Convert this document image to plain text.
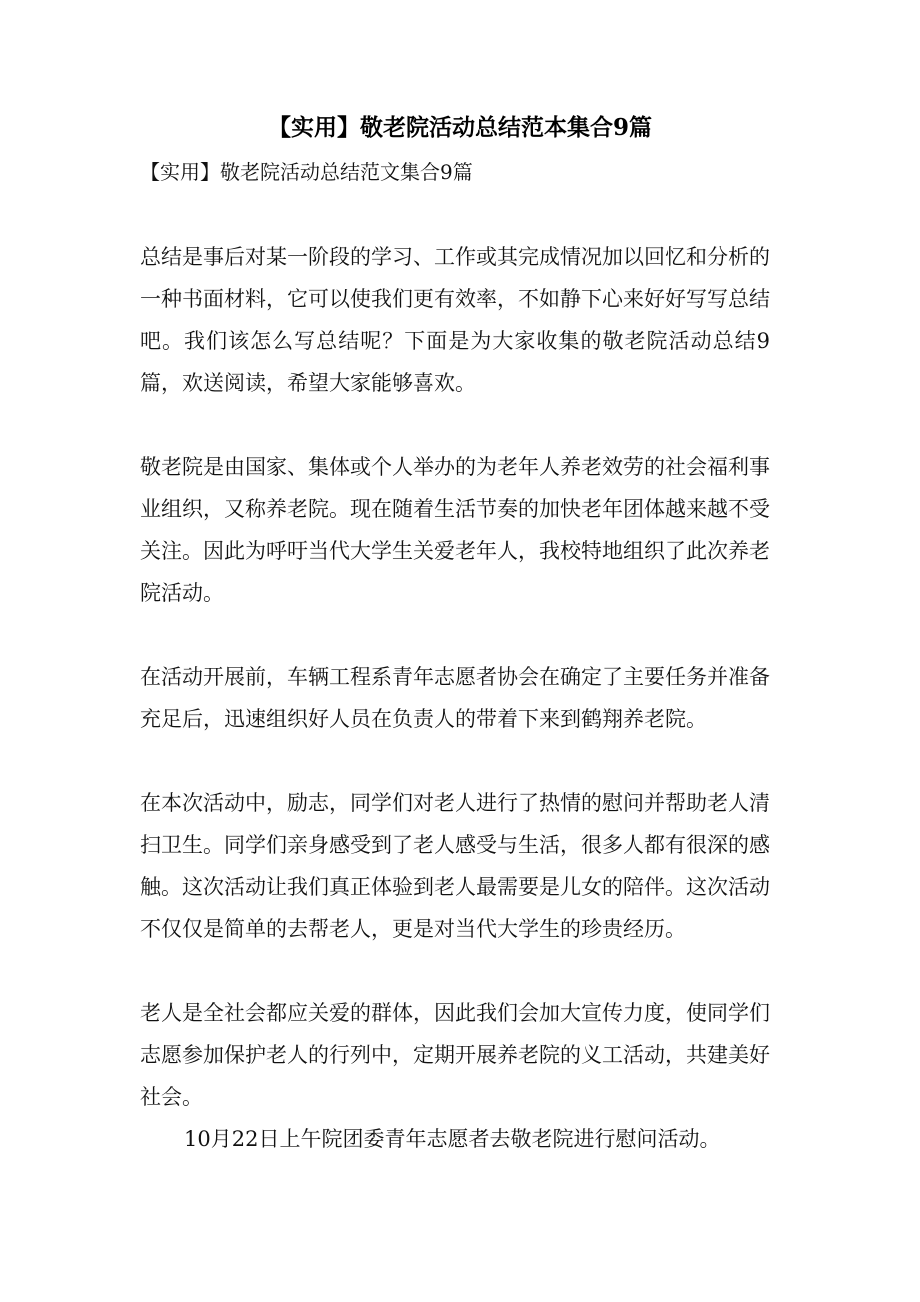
【实用】敬老院活动总结范本集合9篇

【实用】敬老院活动总结范文集合9篇

总结是事后对某一阶段的学习、工作或其完成情况加以回忆和分析的一种书面材料，它可以使我们更有效率，不如静下心来好好写写总结吧。我们该怎么写总结呢？下面是为大家收集的敬老院活动总结9篇，欢送阅读，希望大家能够喜欢。

敬老院是由国家、集体或个人举办的为老年人养老效劳的社会福利事业组织，又称养老院。现在随着生活节奏的加快老年团体越来越不受关注。因此为呼吁当代大学生关爱老年人，我校特地组织了此次养老院活动。

在活动开展前，车辆工程系青年志愿者协会在确定了主要任务并准备充足后，迅速组织好人员在负责人的带着下来到鹤翔养老院。

在本次活动中，励志，同学们对老人进行了热情的慰问并帮助老人清扫卫生。同学们亲身感受到了老人感受与生活，很多人都有很深的感触。这次活动让我们真正体验到老人最需要是儿女的陪伴。这次活动不仅仅是简单的去帮老人，更是对当代大学生的珍贵经历。

老人是全社会都应关爱的群体，因此我们会加大宣传力度，使同学们志愿参加保护老人的行列中，定期开展养老院的义工活动，共建美好社会。

10月22日上午院团委青年志愿者去敬老院进行慰问活动。
